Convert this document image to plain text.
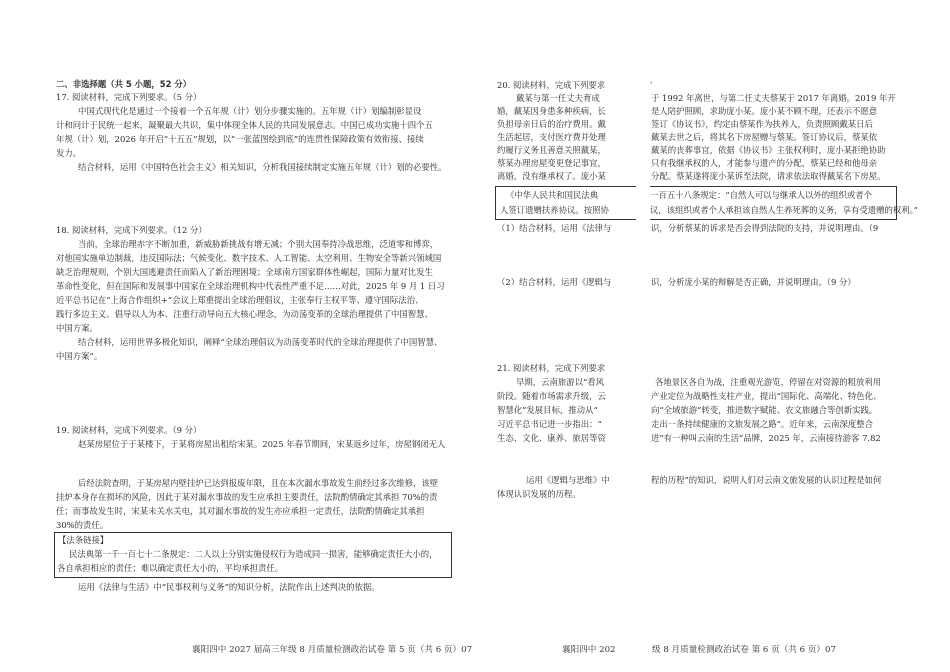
二、非选择题（共 5 小题，52 分）
17. 阅读材料，完成下列要求。（5 分）
中国式现代化是通过一个接着一个五年规（计）划分步骤实施的。五年规（计）划编制彰显设
计和问计于民统一起来，凝聚最大共识，集中体现全体人民的共同发展意志。中国已成功实施十四个五
年规（计）划，2026 年开启“十五五”规划，以“一张蓝图绘到底”的连贯性保障政策有效衔接、接续
发力。
结合材料，运用《中国特色社会主义》相关知识，分析我国接续制定实施五年规（计）划的必要性。
18. 阅读材料，完成下列要求。（12 分）
当前，全球治理赤字不断加重，新威胁新挑战有增无减；个别大国奉持冷战思维，泛道零和博弈，
对他国实施单边制裁，违反国际法；气候变化、数字技术、人工智能、太空利用、生物安全等新兴领域国
缺乏治理规则，个别大国逃避责任而陷入了新治理困境；全球南方国家群体性崛起，国际力量对比发生
革命性变化，但在国际和发展事中国家在全球治理机构中代表性严重不足……对此，2025 年 9 月 1 日习
近平总书记在“上海合作组织+”会议上郑重提出全球治理倡议，主张奉行主权平等、遵守国际法治、
践行多边主义、倡导以人为本、注重行动导向五大核心理念，为动荡变革的全球治理提供了中国智慧、
中国方案。
结合材料，运用世界多极化知识，阐释“全球治理倡议为动荡变革时代的全球治理提供了中国智慧、
中国方案”。
19. 阅读材料，完成下列要求。（9 分）
赵某房屋位于于某楼下，于某将房屋出租给宋某。2025 年春节期间，宋某返乡过年，房屋钢闭无人
后经法院查明，于某房屋内壁挂炉已达到报废年限，且在本次漏水事故发生前经过多次维修，该壁
挂炉本身存在损坏的风险，因此于某对漏水事故的发生应承担主要责任，法院酌情确定其承担 70%的责
任；而事故发生时，宋某未关水关电，其对漏水事故的发生亦应承担一定责任，法院酌情确定其承担
30%的责任。
【法条链接】
民法典第一千一百七十二条规定：二人以上分别实施侵权行为造成同一损害，能够确定责任大小的，
各自承担相应的责任；难以确定责任大小的，平均承担责任。
运用《法律与生活》中“民事权利与义务”的知识分析，法院作出上述判决的依据。
襄阳四中 2027 届高三年级 8 月质量检测政治试卷 第 5 页（共 6 页）07
20. 阅读材料，完成下列要求	‘
戴某与第一任丈夫育成
婚，戴某因身患多种疾病，长
负担母亲日后的治疗费用。戴
生活起居，支付医疗费并处理
约履行义务且善意关照戴某，
蔡某办理房屋变更登记事宜，
离婚，没有继承权了。庞小某
于 1992 年离世，与第二任丈夫蔡某于 2017 年离婚。2019 年开
是人陪护照顾，求助庞小某。庞小某不顾不理，还表示不愿意
签订《协议书》，约定由蔡某作为扶养人，负责照顾戴某日后
戴某去世之后，将其名下房屋赠与蔡某。签订协议后，蔡某依
戴某的丧葬事宜，依据《协议书》主张权利时，庞小某拒绝协助
只有我继承权的人，才能参与遗产的分配，蔡某已经和他母亲
分配。蔡某遂将庞小某诉至法院，请求依法取得戴某名下房屋。
《中华人民共和国民法典
人签订遗赠扶养协议。按照协
一百五十八条规定：“自然人可以与继承人以外的组织或者个
议，该组织或者个人承担该自然人生养死葬的义务，享有受遗赠的权利。”
（1）结合材料，运用《法律与	识，分析蔡某的诉求是否会得到法院的支持，并说明理由。（9
（2）结合材料，运用《逻辑与	识，分析庞小某的辩解是否正确，并说明理由。（9 分）
21. 阅读材料，完成下列要求
早期，云南旅游以“看风
阶段。随着市场需求升级，云
智慧化”发展目标，推动从“
习近平总书记进一步指出：“
生态、文化、康养、旅居等资
各地景区各自为战，注重观光游览，停留在对资源的粗放利用
产业定位为战略性支柱产业，提出“国际化、高端化、特色化、
向“全域旅游”转变，推进数字赋能、农文旅融合等创新实践。
走出一条持续健康的文旅发展之路”。近年来，云南深度整合
进“有一种叫云南的生活”品牌，2025 年，云南接待游客 7.82
运用《逻辑与思维》中	程的历程”的知识，说明人们对云南文旅发展的认识过程是如何
体现认识发展的历程。
襄阳四中 202	级 8 月质量检测政治试卷 第 6 页（共 6 页）07
